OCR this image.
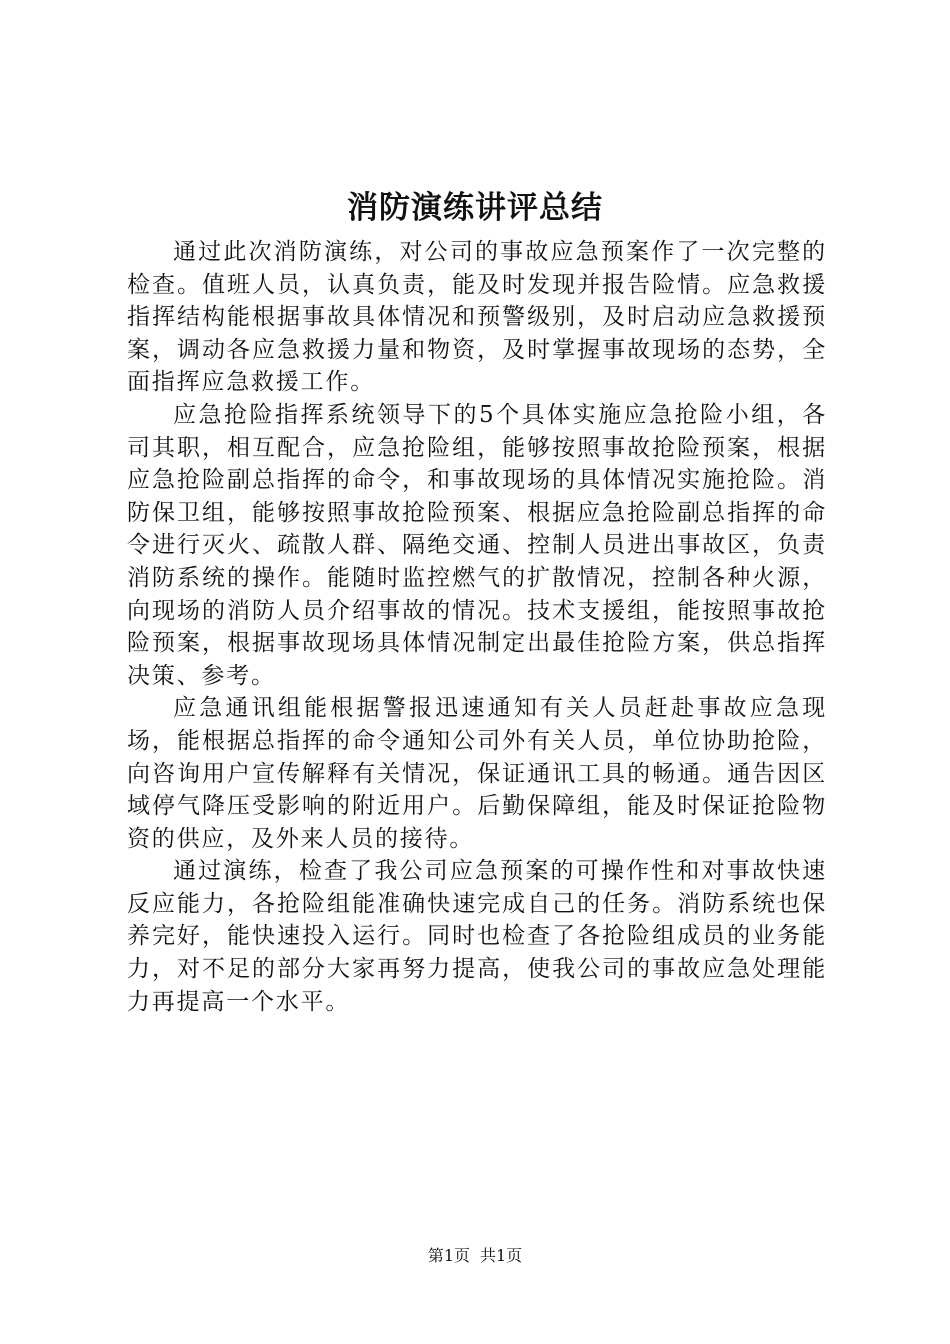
消防演练讲评总结

通过此次消防演练，对公司的事故应急预案作了一次完整的检查。值班人员，认真负责，能及时发现并报告险情。应急救援指挥结构能根据事故具体情况和预警级别，及时启动应急救援预案，调动各应急救援力量和物资，及时掌握事故现场的态势，全面指挥应急救援工作。

应急抢险指挥系统领导下的5个具体实施应急抢险小组，各司其职，相互配合，应急抢险组，能够按照事故抢险预案，根据应急抢险副总指挥的命令，和事故现场的具体情况实施抢险。消防保卫组，能够按照事故抢险预案、根据应急抢险副总指挥的命令进行灭火、疏散人群、隔绝交通、控制人员进出事故区，负责消防系统的操作。能随时监控燃气的扩散情况，控制各种火源，向现场的消防人员介绍事故的情况。技术支援组，能按照事故抢险预案，根据事故现场具体情况制定出最佳抢险方案，供总指挥决策、参考。

应急通讯组能根据警报迅速通知有关人员赶赴事故应急现场，能根据总指挥的命令通知公司外有关人员，单位协助抢险，向咨询用户宣传解释有关情况，保证通讯工具的畅通。通告因区域停气降压受影响的附近用户。后勤保障组，能及时保证抢险物资的供应，及外来人员的接待。

通过演练，检查了我公司应急预案的可操作性和对事故快速反应能力，各抢险组能准确快速完成自己的任务。消防系统也保养完好，能快速投入运行。同时也检查了各抢险组成员的业务能力，对不足的部分大家再努力提高，使我公司的事故应急处理能力再提高一个水平。

第1页 共1页
